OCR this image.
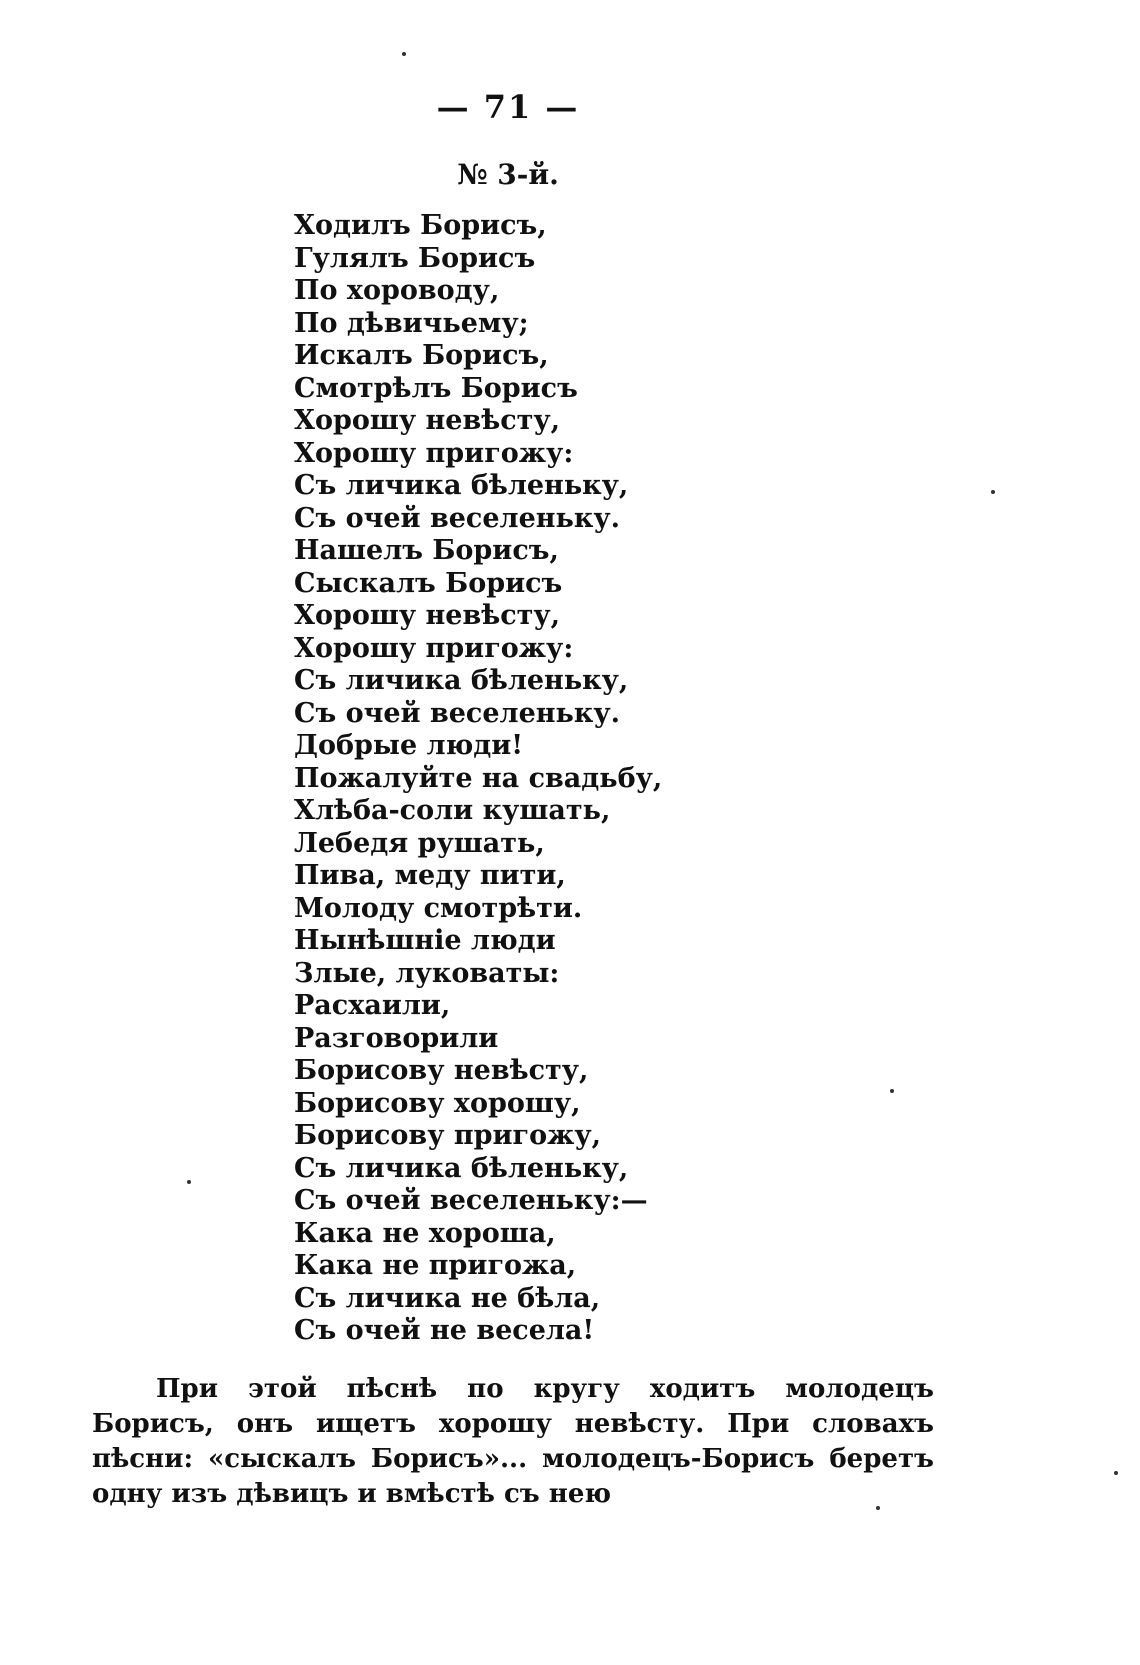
— 71 —
№ 3-й.
Ходилъ Борисъ,
Гулялъ Борисъ
По хороводу,
По дѣвичьему;
Искалъ Борисъ,
Смотрѣлъ Борисъ
Хорошу невѣсту,
Хорошу пригожу:
Съ личика бѣленьку,
Съ очей веселеньку.
Нашелъ Борисъ,
Сыскалъ Борисъ
Хорошу невѣсту,
Хорошу пригожу:
Съ личика бѣленьку,
Съ очей веселеньку.
Добрые люди!
Пожалуйте на свадьбу,
Хлѣба-соли кушать,
Лебедя рушать,
Пива, меду пити,
Молоду смотрѣти.
Нынѣшніе люди
Злые, луковаты:
Расхаили,
Разговорили
Борисову невѣсту,
Борисову хорошу,
Борисову пригожу,
Съ личика бѣленьку,
Съ очей веселеньку:—
Кака не хороша,
Кака не пригожа,
Съ личика не бѣла,
Съ очей не весела!

При этой пѣснѣ по кругу ходитъ молодецъ Борисъ, онъ ищетъ хорошу невѣсту. При словахъ пѣсни: «сыскалъ Борисъ»... молодецъ-Борисъ беретъ одну изъ дѣвицъ и вмѣстѣ съ нею
